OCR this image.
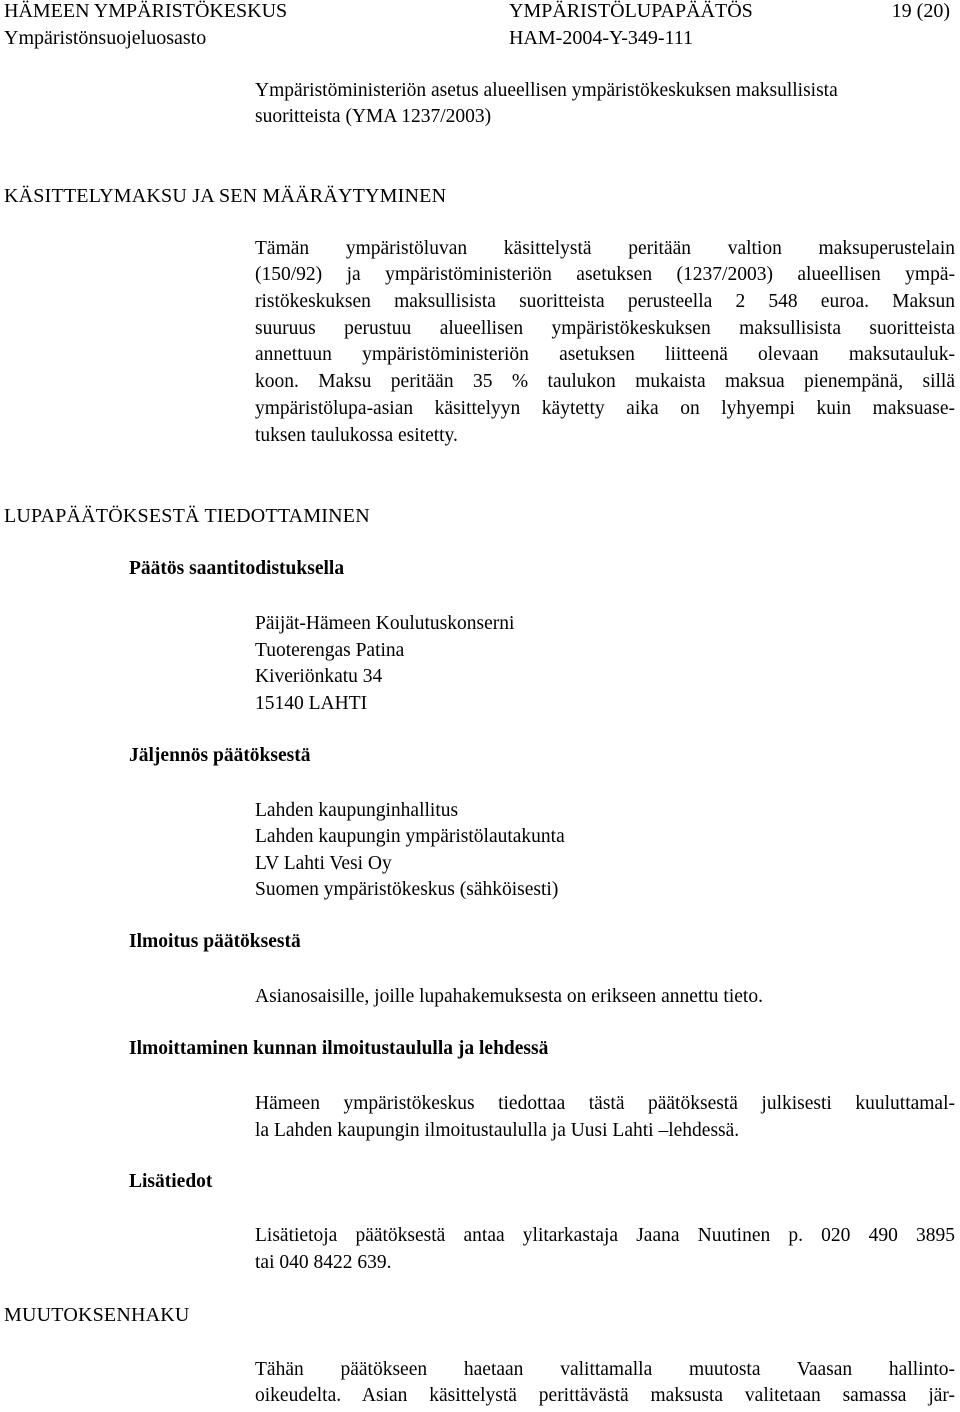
HÄMEEN YMPÄRISTÖKESKUS	YMPÄRISTÖLUPAPÄÄTÖS	19 (20)
Ympäristönsuojeluosasto	HAM-2004-Y-349-111
Ympäristöministeriön asetus alueellisen ympäristökeskuksen maksullisista
suoritteista (YMA 1237/2003)
KÄSITTELYMAKSU JA SEN MÄÄRÄYTYMINEN
Tämän ympäristöluvan käsittelystä peritään valtion maksuperustelain
(150/92) ja ympäristöministeriön asetuksen (1237/2003) alueellisen ympä-
ristökeskuksen maksullisista suoritteista perusteella 2 548 euroa. Maksun
suuruus perustuu alueellisen ympäristökeskuksen maksullisista suoritteista
annettuun ympäristöministeriön asetuksen liitteenä olevaan maksutauluk-
koon. Maksu peritään 35 % taulukon mukaista maksua pienempänä, sillä
ympäristölupa-asian käsittelyyn käytetty aika on lyhyempi kuin maksuase-
tuksen taulukossa esitetty.
LUPAPÄÄTÖKSESTÄ TIEDOTTAMINEN
Päätös saantitodistuksella
Päijät-Hämeen Koulutuskonserni
Tuoterengas Patina
Kiveriönkatu 34
15140 LAHTI
Jäljennös päätöksestä
Lahden kaupunginhallitus
Lahden kaupungin ympäristölautakunta
LV Lahti Vesi Oy
Suomen ympäristökeskus (sähköisesti)
Ilmoitus päätöksestä
Asianosaisille, joille lupahakemuksesta on erikseen annettu tieto.
Ilmoittaminen kunnan ilmoitustaululla ja lehdessä
Hämeen ympäristökeskus tiedottaa tästä päätöksestä julkisesti kuuluttamal-
la Lahden kaupungin ilmoitustaululla ja Uusi Lahti –lehdessä.
Lisätiedot
Lisätietoja päätöksestä antaa ylitarkastaja Jaana Nuutinen p. 020 490 3895
tai 040 8422 639.
MUUTOKSENHAKU
Tähän päätökseen haetaan valittamalla muutosta Vaasan hallinto-
oikeudelta. Asian käsittelystä perittävästä maksusta valitetaan samassa jär-
